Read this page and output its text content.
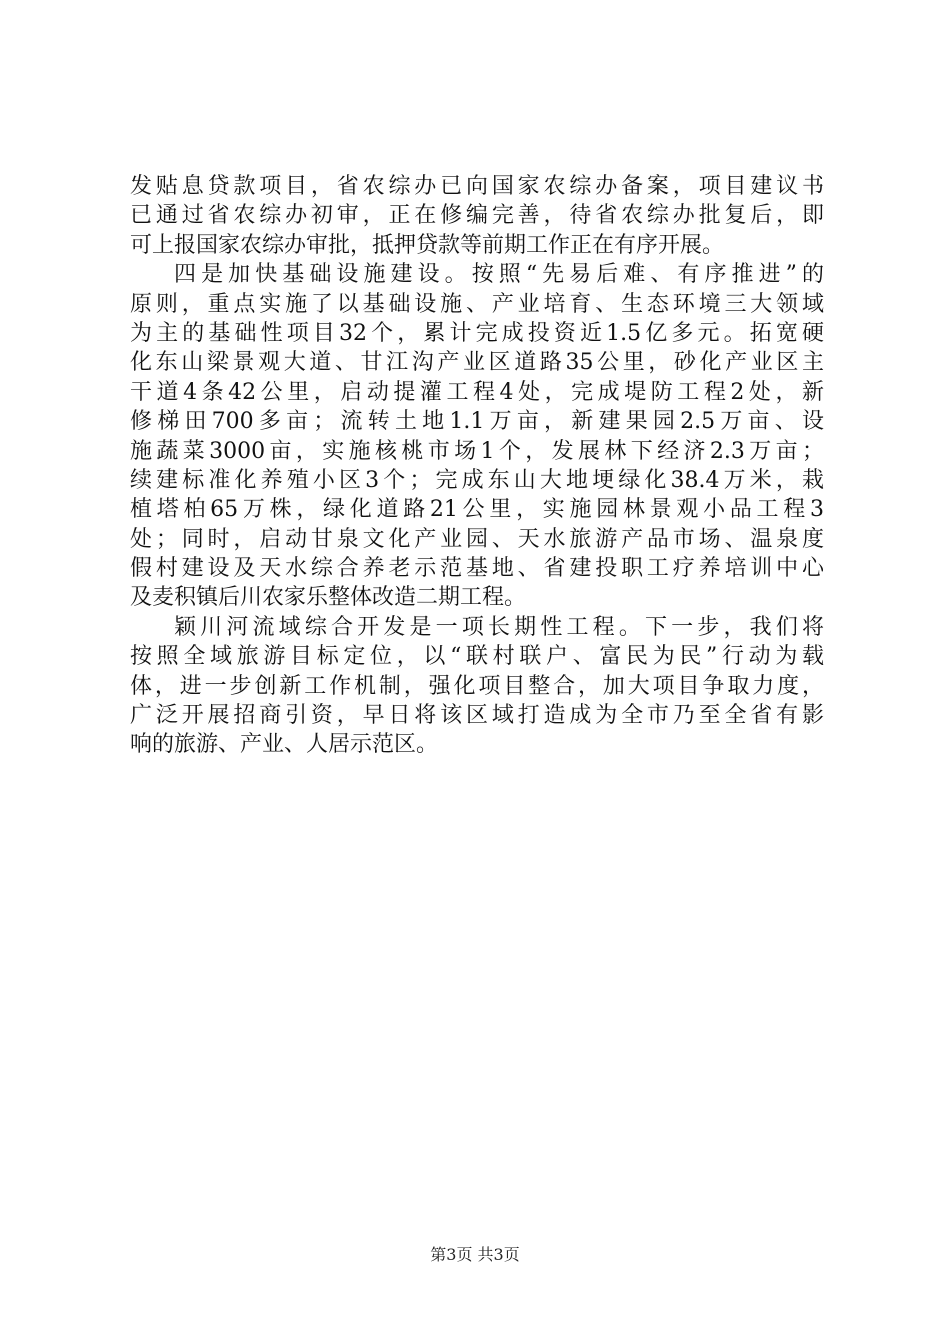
发贴息贷款项目，省农综办已向国家农综办备案，项目建议书
已通过省农综办初审，正在修编完善，待省农综办批复后，即
可上报国家农综办审批，抵押贷款等前期工作正在有序开展。
四是加快基础设施建设。按照“先易后难、有序推进”的
原则，重点实施了以基础设施、产业培育、生态环境三大领域
为主的基础性项目32个，累计完成投资近1.5亿多元。拓宽硬
化东山梁景观大道、甘江沟产业区道路35公里，砂化产业区主
干道4条42公里，启动提灌工程4处，完成堤防工程2处，新
修梯田700多亩；流转土地1.1万亩，新建果园2.5万亩、设
施蔬菜3000亩，实施核桃市场1个，发展林下经济2.3万亩；
续建标准化养殖小区3个；完成东山大地埂绿化38.4万米，栽
植塔柏65万株，绿化道路21公里，实施园林景观小品工程3
处；同时，启动甘泉文化产业园、天水旅游产品市场、温泉度
假村建设及天水综合养老示范基地、省建投职工疗养培训中心
及麦积镇后川农家乐整体改造二期工程。
颖川河流域综合开发是一项长期性工程。下一步，我们将
按照全域旅游目标定位，以“联村联户、富民为民”行动为载
体，进一步创新工作机制，强化项目整合，加大项目争取力度，
广泛开展招商引资，早日将该区域打造成为全市乃至全省有影
响的旅游、产业、人居示范区。
第3页 共3页
